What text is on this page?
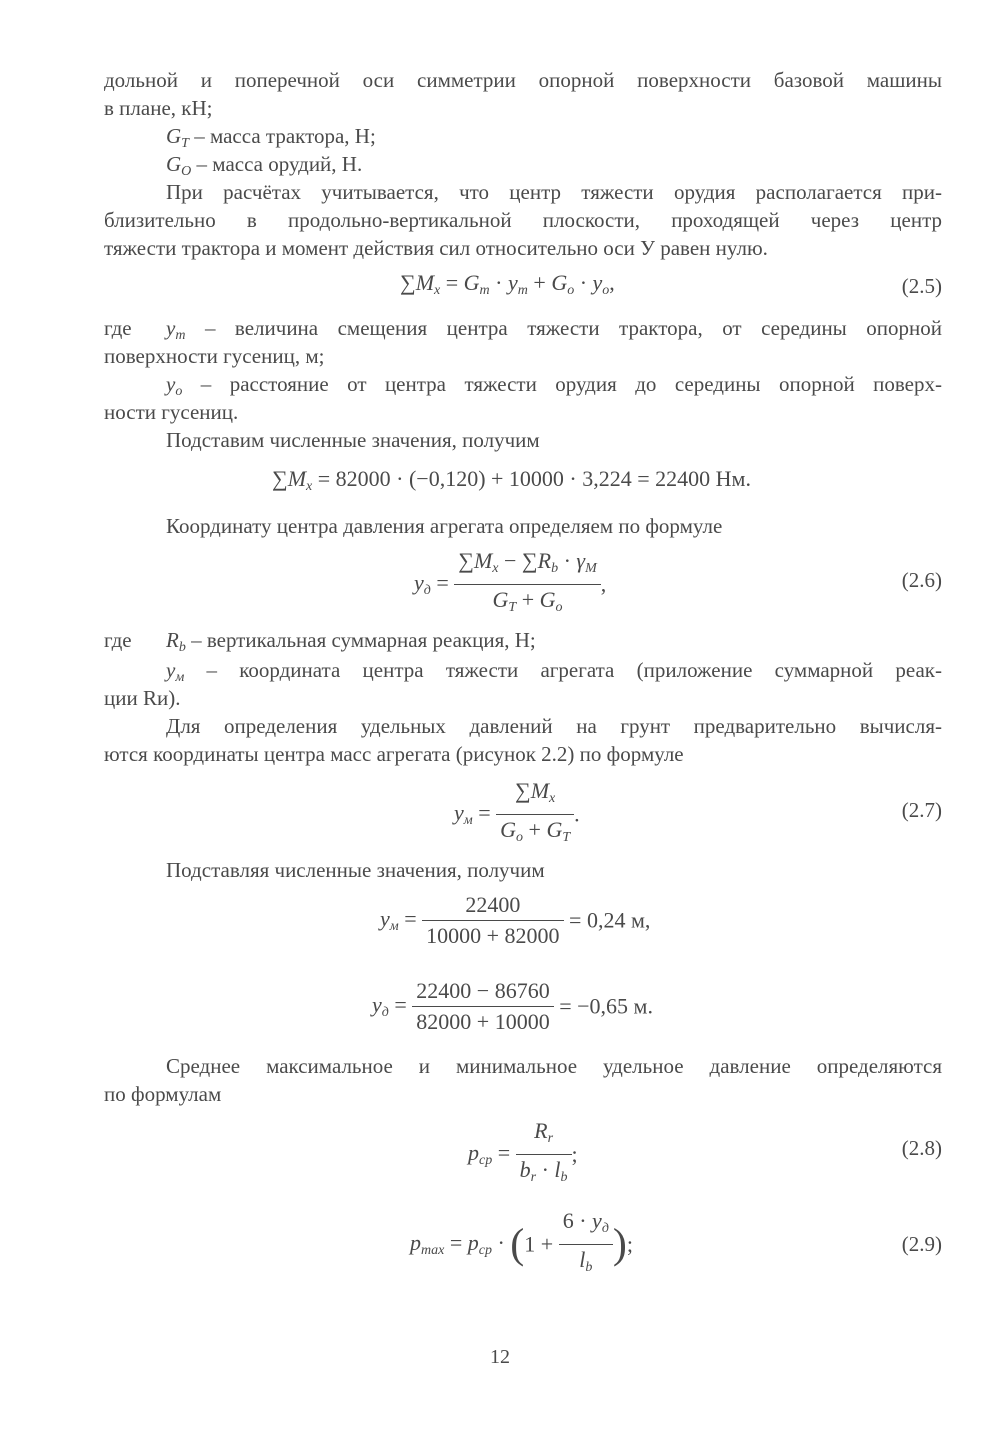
дольной и поперечной оси симметрии опорной поверхности базовой машины
в плане, кН;
$G_T$ – масса трактора, Н;
$G_O$ – масса орудий, Н.
При расчётах учитывается, что центр тяжести орудия располагается при-
близительно в продольно-вертикальной плоскости, проходящей через центр
тяжести трактора и момент действия сил относительно оси У равен нулю.
$\sum M_x = G_m \cdot y_m + G_o \cdot y_o$,	(2.5)
где $y_m$ – величина смещения центра тяжести трактора, от середины опорной
поверхности гусениц, м;
$y_o$ – расстояние от центра тяжести орудия до середины опорной поверх-
ности гусениц.
Подставим численные значения, получим
$\sum M_x = 82000 \cdot (-0,120) + 10000 \cdot 3,224 = 22400$ Нм.
Координату центра давления агрегата определяем по формуле
$y_д = \frac{\sum M_x - \sum R_b \cdot \gamma_M}{G_T + G_o}$ ,	(2.6)
где $R_b$ – вертикальная суммарная реакция, Н;
$y_м$ – координата центра тяжести агрегата (приложение суммарной реак-
ции Rи).
Для определения удельных давлений на грунт предварительно вычисля-
ются координаты центра масс агрегата (рисунок 2.2) по формуле
$y_м = \frac{\sum M_x}{G_o + G_T}$ .	(2.7)
Подставляя численные значения, получим
$y_м = \frac{22400}{10000 + 82000} = 0,24$ м,
$y_д = \frac{22400 - 86760}{82000 + 10000} = -0,65$ м.
Среднее максимальное и минимальное удельное давление определяются
по формулам
$p_{cp} = \frac{R_r}{b_r \cdot l_b}$ ;	(2.8)
$p_{max} = p_{cp} \cdot (1 + \frac{6 \cdot y_д}{l_b}$ );	(2.9)
12
